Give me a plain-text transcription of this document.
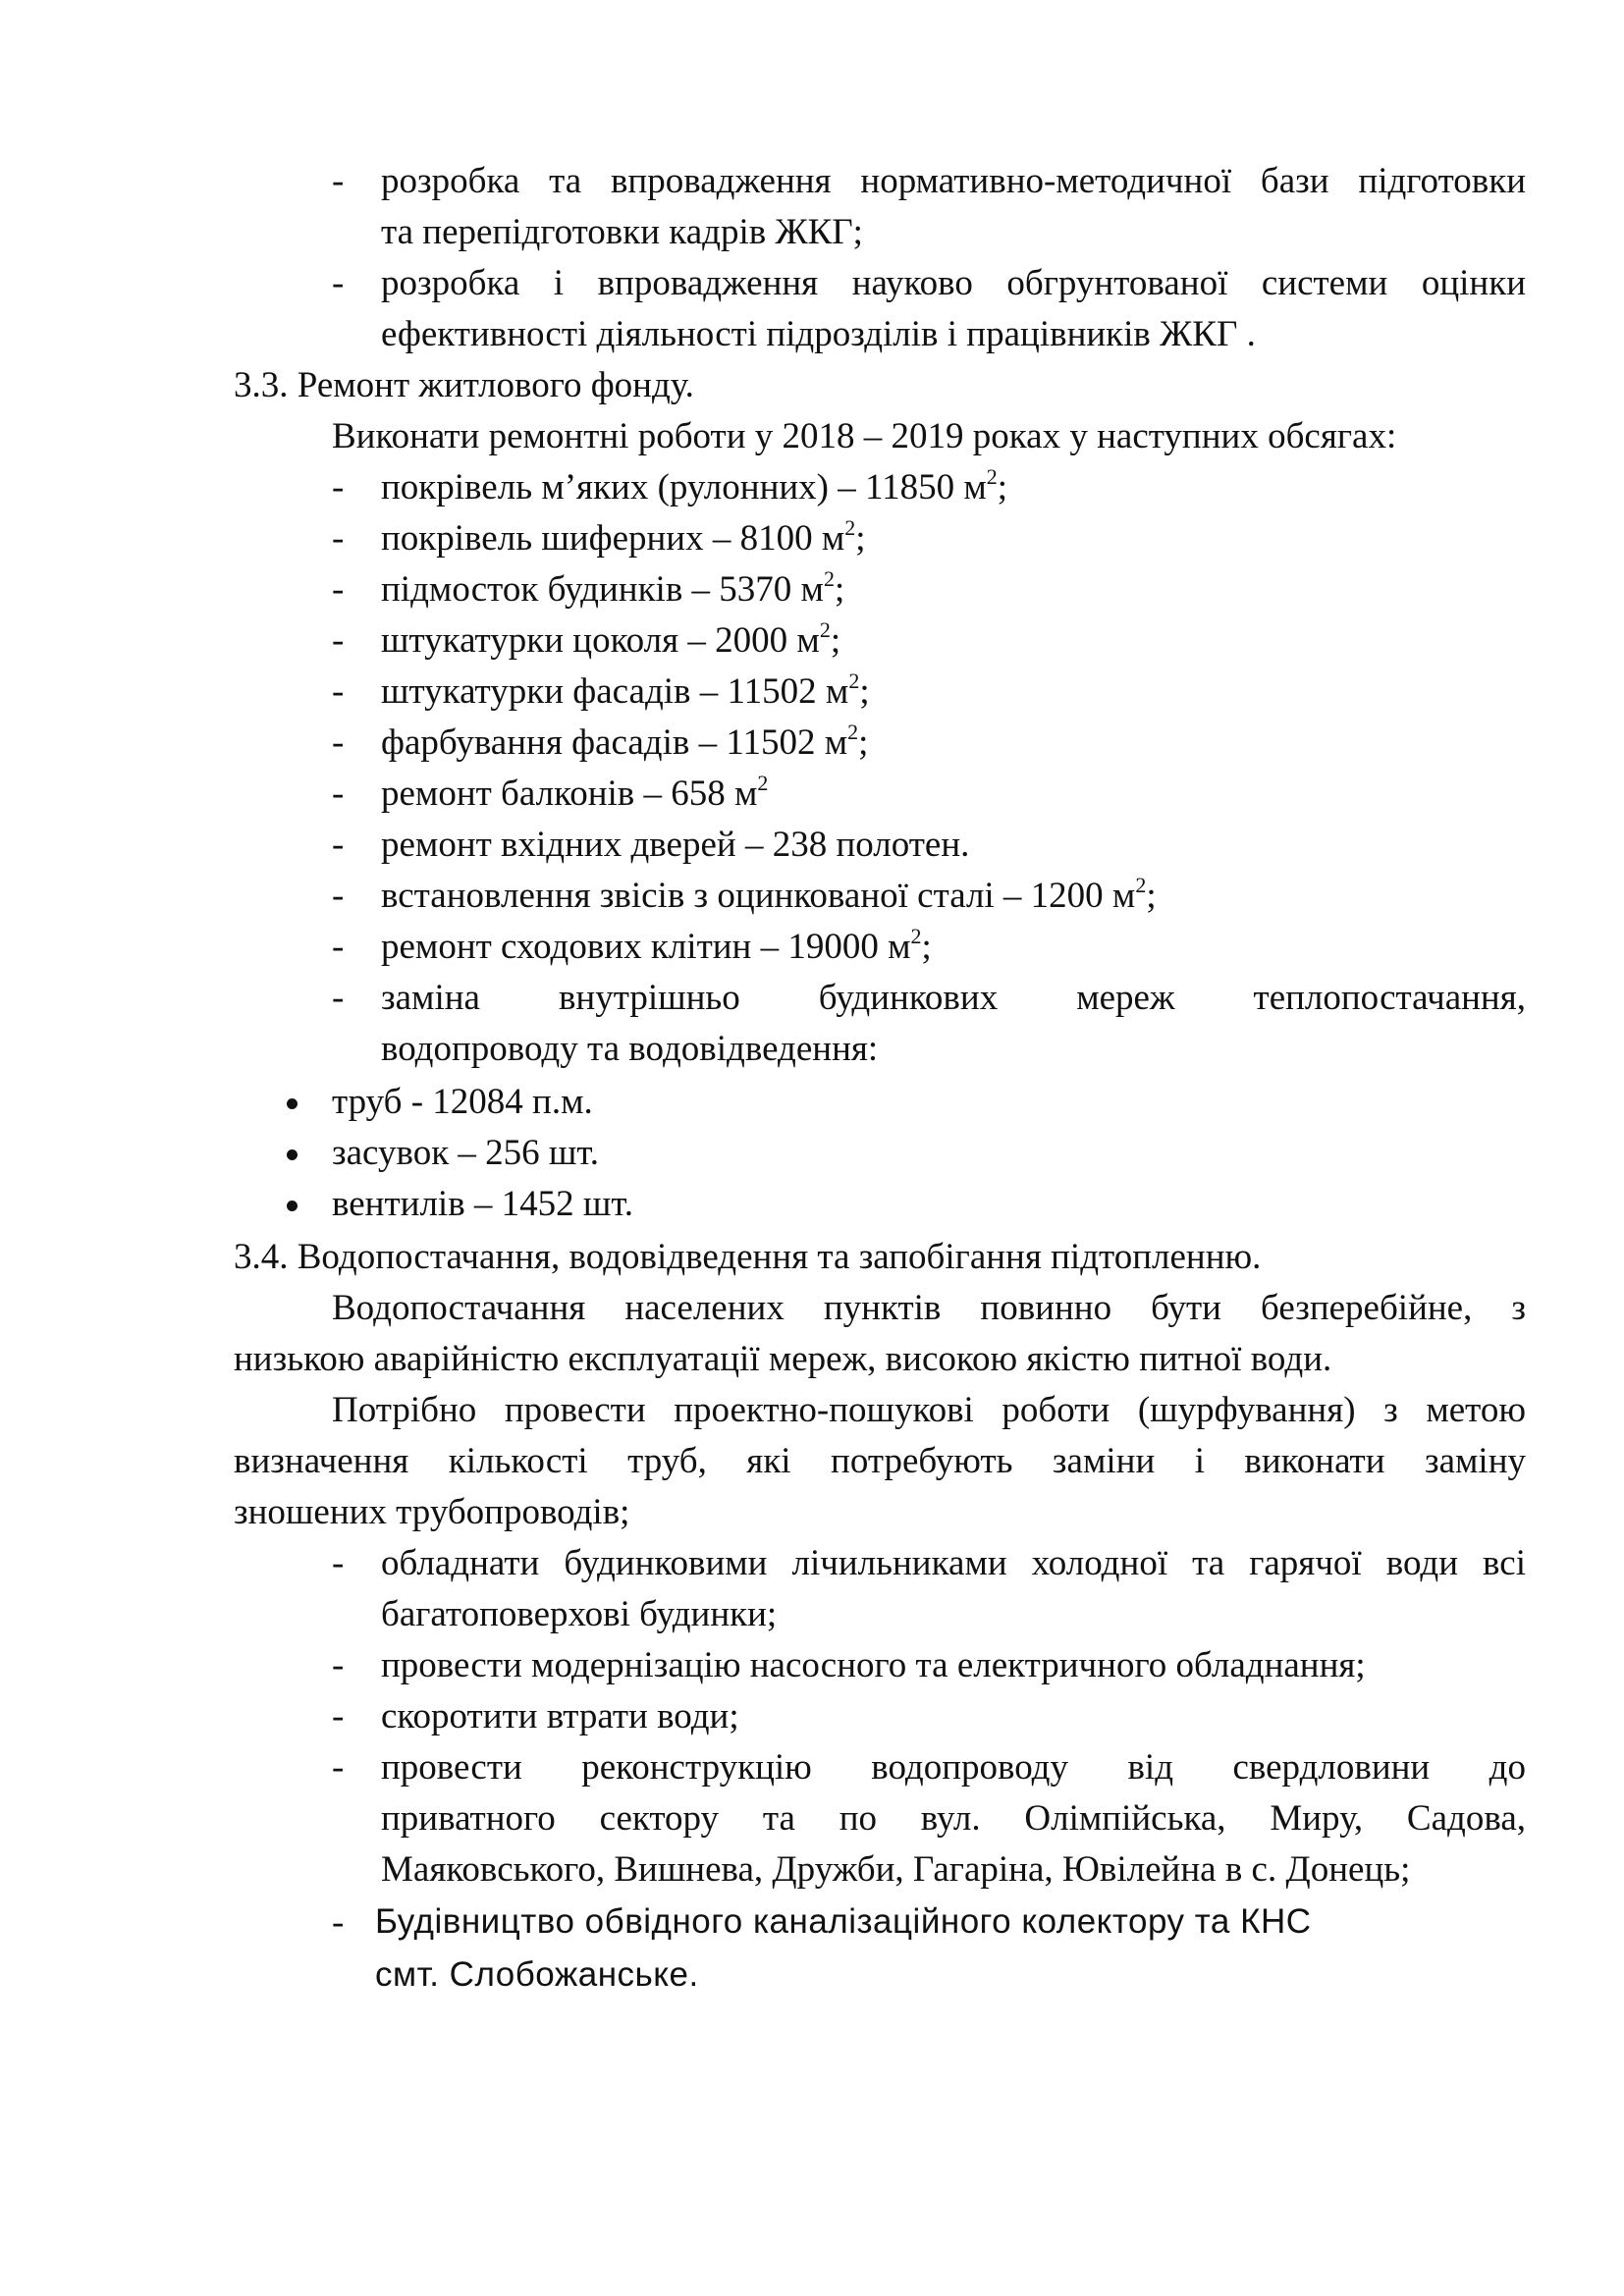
- розробка та впровадження нормативно-методичної бази підготовки
та перепідготовки кадрів ЖКГ;
- розробка і впровадження науково обгрунтованої системи оцінки
ефективності діяльності підрозділів і працівників ЖКГ .
3.3. Ремонт житлового фонду.
Виконати ремонтні роботи у 2018 – 2019 роках у наступних обсягах:
- покрівель м’яких (рулонних) – 11850 $м^2$;
- покрівель шиферних – 8100 $м^2$;
- підмосток будинків – 5370 $м^2$;
- штукатурки цоколя – 2000 $м^2$;
- штукатурки фасадів – 11502 $м^2$;
- фарбування фасадів – 11502 $м^2$;
- ремонт балконів – 658 $м^2$
- ремонт вхідних дверей – 238 полотен.
- встановлення звісів з оцинкованої сталі – 1200 $м^2$;
- ремонт сходових клітин – 19000 $м^2$;
- заміна внутрішньо будинкових мереж теплопостачання,
водопроводу та водовідведення:
труб - 12084 п.м.
засувок – 256 шт.
вентилів – 1452 шт.
3.4. Водопостачання, водовідведення та запобігання підтопленню.
Водопостачання населених пунктів повинно бути безперебійне, з
низькою аварійністю експлуатації мереж, високою якістю питної води.
Потрібно провести проектно-пошукові роботи (шурфування) з метою
визначення кількості труб, які потребують заміни і виконати заміну
зношених трубопроводів;
- обладнати будинковими лічильниками холодної та гарячої води всі
багатоповерхові будинки;
- провести модернізацію насосного та електричного обладнання;
- скоротити втрати води;
- провести реконструкцію водопроводу від свердловини до
приватного сектору та по вул. Олімпійська, Миру, Садова,
Маяковського, Вишнева, Дружби, Гагаріна, Ювілейна в с. Донець;
- Будівництво обвідного каналізаційного колектору та КНС
смт. Слобожанське.
